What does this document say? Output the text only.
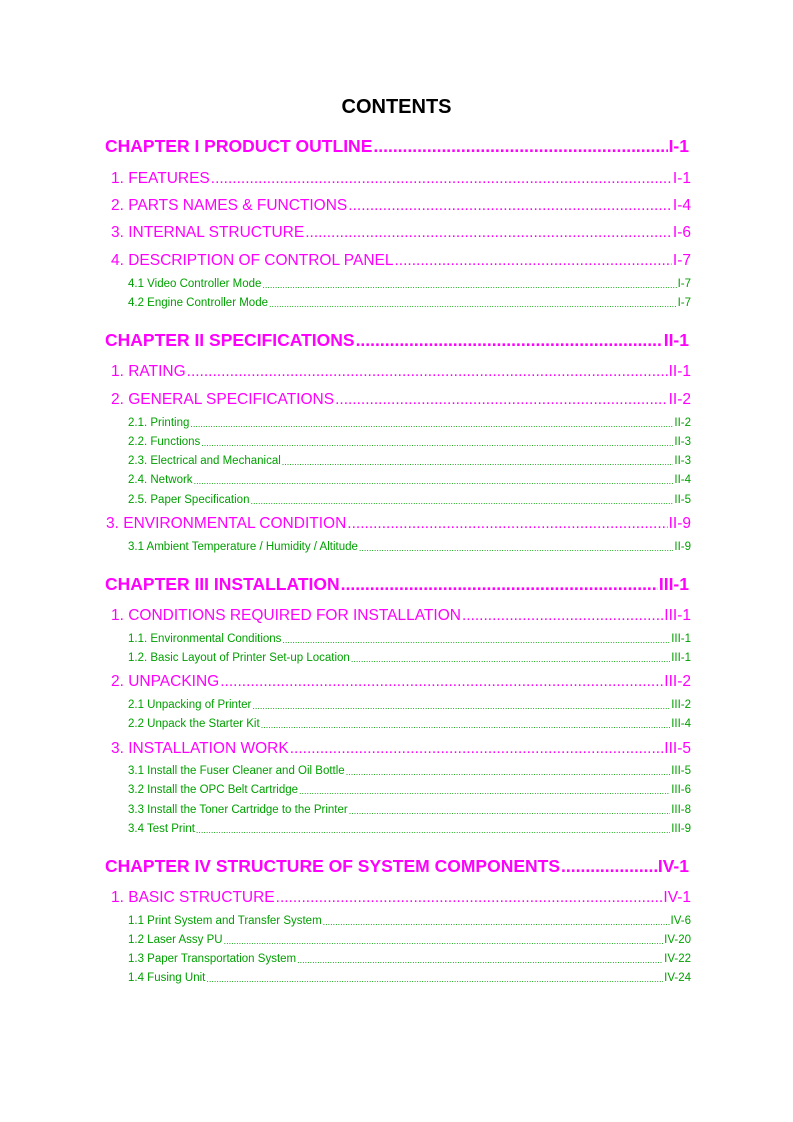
CONTENTS
CHAPTER I PRODUCT OUTLINE .....	I-1
1. FEATURES .....	I-1
2. PARTS NAMES & FUNCTIONS .....	I-4
3. INTERNAL STRUCTURE .....	I-6
4. DESCRIPTION OF CONTROL PANEL .....	I-7
4.1 Video Controller Mode .....	I-7
4.2 Engine Controller Mode .....	I-7
CHAPTER II SPECIFICATIONS .....	II-1
1. RATING .....	II-1
2. GENERAL SPECIFICATIONS .....	II-2
2.1. Printing .....	II-2
2.2. Functions .....	II-3
2.3. Electrical and Mechanical .....	II-3
2.4. Network .....	II-4
2.5. Paper Specification .....	II-5
3. ENVIRONMENTAL CONDITION .....	II-9
3.1 Ambient Temperature / Humidity / Altitude .....	II-9
CHAPTER III INSTALLATION .....	III-1
1. CONDITIONS REQUIRED FOR INSTALLATION .....	III-1
1.1. Environmental Conditions .....	III-1
1.2. Basic Layout of Printer Set-up Location .....	III-1
2. UNPACKING .....	III-2
2.1 Unpacking of Printer .....	III-2
2.2 Unpack the Starter Kit .....	III-4
3. INSTALLATION WORK .....	III-5
3.1 Install the Fuser Cleaner and Oil Bottle .....	III-5
3.2 Install the OPC Belt Cartridge .....	III-6
3.3 Install the Toner Cartridge to the Printer .....	III-8
3.4 Test Print .....	III-9
CHAPTER IV STRUCTURE OF SYSTEM COMPONENTS .....	IV-1
1. BASIC STRUCTURE .....	IV-1
1.1 Print System and Transfer System .....	IV-6
1.2 Laser Assy PU .....	IV-20
1.3 Paper Transportation System .....	IV-22
1.4 Fusing Unit .....	IV-24
